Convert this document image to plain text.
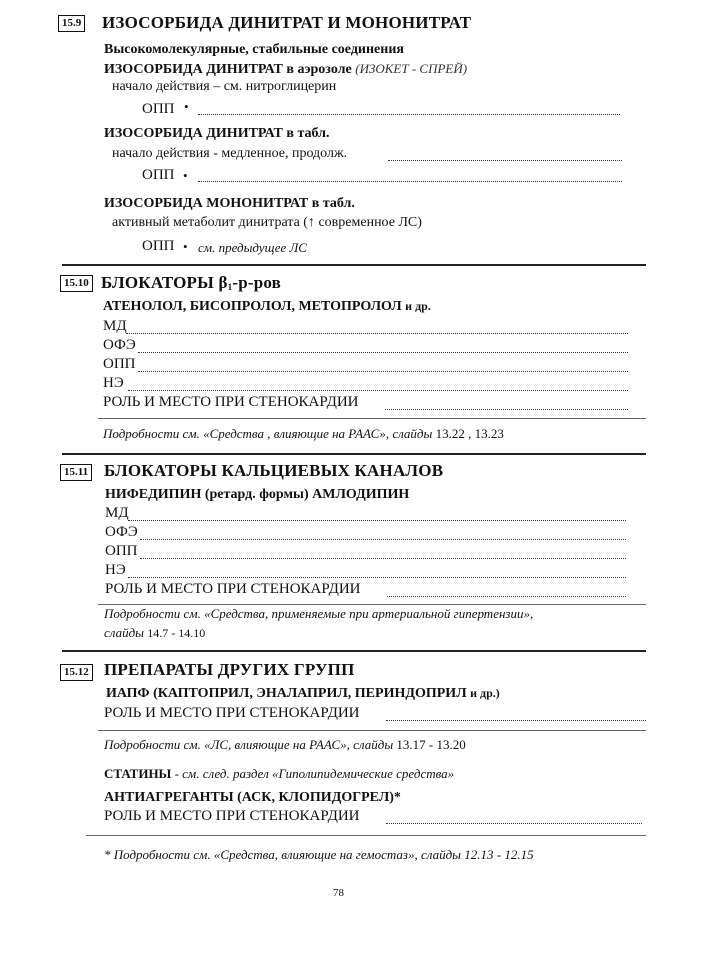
15.9 ИЗОСОРБИДА ДИНИТРАТ И МОНОНИТРАТ
Высокомолекулярные, стабильные соединения
ИЗОСОРБИДА ДИНИТРАТ в аэрозоле (ИЗОКЕТ - СПРЕЙ)
начало действия – см. нитроглицерин
ОПП •
ИЗОСОРБИДА ДИНИТРАТ в табл.
начало действия - медленное, продолж.
ОПП •
ИЗОСОРБИДА МОНОНИТРАТ в табл.
активный метаболит динитрата (↑ современное ЛС)
ОПП • см. предыдущее ЛС
15.10 БЛОКАТОРЫ $\beta_1-р$-ров
АТЕНОЛОЛ, БИСОПРОЛОЛ, МЕТОПРОЛОЛ и др.
МД
ОФЭ
ОПП
НЭ
РОЛЬ И МЕСТО ПРИ СТЕНОКАРДИИ
Подробности см. «Средства , влияющие на РААС», слайды 13.22 , 13.23
15.11 БЛОКАТОРЫ КАЛЬЦИЕВЫХ КАНАЛОВ
НИФЕДИПИН (ретард. формы) АМЛОДИПИН
МД
ОФЭ
ОПП
НЭ
РОЛЬ И МЕСТО ПРИ СТЕНОКАРДИИ
Подробности см. «Средства, применяемые при артериальной гипертензии»,
слайды 14.7 - 14.10
15.12 ПРЕПАРАТЫ ДРУГИХ ГРУПП
ИАПФ (КАПТОПРИЛ, ЭНАЛАПРИЛ, ПЕРИНДОПРИЛ и др.)
РОЛЬ И МЕСТО ПРИ СТЕНОКАРДИИ
Подробности см. «ЛС, влияющие на РААС», слайды 13.17 - 13.20
СТАТИНЫ - см. след. раздел «Гиполипидемические средства»
АНТИАГРЕГАНТЫ (АСК, КЛОПИДОГРЕЛ)*
РОЛЬ И МЕСТО ПРИ СТЕНОКАРДИИ
* Подробности см. «Средства, влияющие на гемостаз», слайды 12.13 - 12.15
78
